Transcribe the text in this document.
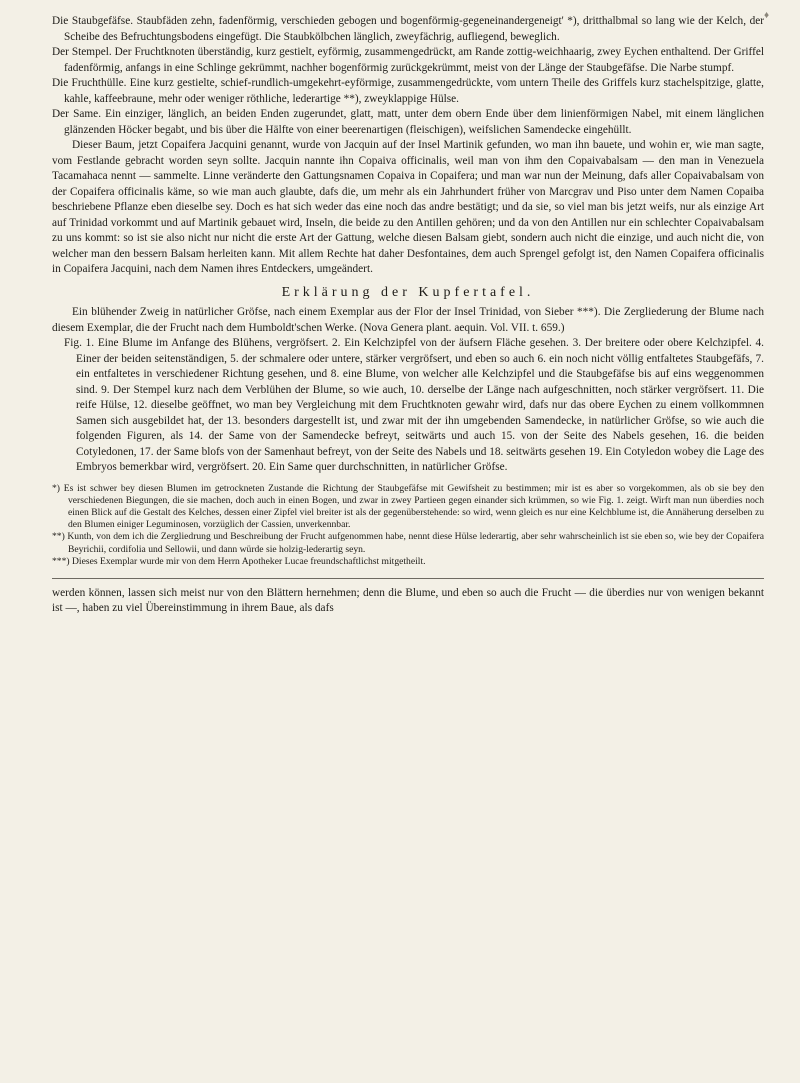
♦

Die Staubgefäfse. Staubfäden zehn, fadenförmig, verschieden gebogen und bogenförmig-gegeneinandergeneigt' *), dritthalbmal so lang wie der Kelch, der Scheibe des Befruchtungsbodens eingefügt. Die Staubkölbchen länglich, zweyfächrig, aufliegend, beweglich.

Der Stempel. Der Fruchtknoten überständig, kurz gestielt, eyförmig, zusammengedrückt, am Rande zottig-weichhaarig, zwey Eychen enthaltend. Der Griffel fadenförmig, anfangs in eine Schlinge gekrümmt, nachher bogenförmig zurückgekrümmt, meist von der Länge der Staubgefäfse. Die Narbe stumpf.

Die Fruchthülle. Eine kurz gestielte, schief-rundlich-umgekehrt-eyförmige, zusammengedrückte, vom untern Theile des Griffels kurz stachelspitzige, glatte, kahle, kaffeebraune, mehr oder weniger röthliche, lederartige **), zweyklappige Hülse.

Der Same. Ein einziger, länglich, an beiden Enden zugerundet, glatt, matt, unter dem obern Ende über dem linienförmigen Nabel, mit einem länglichen glänzenden Höcker begabt, und bis über die Hälfte von einer beerenartigen (fleischigen), weifslichen Samendecke eingehüllt.

Dieser Baum, jetzt Copaifera Jacquini genannt, wurde von Jacquin auf der Insel Martinik gefunden, wo man ihn bauete, und wohin er, wie man sagte, vom Festlande gebracht worden seyn sollte. Jacquin nannte ihn Copaiva officinalis, weil man von ihm den Copaivabalsam — den man in Venezuela Tacamahaca nennt — sammelte. Linne veränderte den Gattungsnamen Copaiva in Copaifera; und man war nun der Meinung, dafs aller Copaivabalsam von der Copaifera officinalis käme, so wie man auch glaubte, dafs die, um mehr als ein Jahrhundert früher von Marcgrav und Piso unter dem Namen Copaiba beschriebene Pflanze eben dieselbe sey. Doch es hat sich weder das eine noch das andre bestätigt; und da sie, so viel man bis jetzt weifs, nur als einzige Art auf Trinidad vorkommt und auf Martinik gebauet wird, Inseln, die beide zu den Antillen gehören; und da von den Antillen nur ein schlechter Copaivabalsam zu uns kommt: so ist sie also nicht nur nicht die erste Art der Gattung, welche diesen Balsam giebt, sondern auch nicht die einzige, und auch nicht die, von welcher man den bessern Balsam herleiten kann. Mit allem Rechte hat daher Desfontaines, dem auch Sprengel gefolgt ist, den Namen Copaifera officinalis in Copaifera Jacquini, nach dem Namen ihres Entdeckers, umgeändert.

Erklärung der Kupfertafel.

Ein blühender Zweig in natürlicher Gröfse, nach einem Exemplar aus der Flor der Insel Trinidad, von Sieber ***). Die Zergliederung der Blume nach diesem Exemplar, die der Frucht nach dem Humboldt'schen Werke. (Nova Genera plant. aequin. Vol. VII. t. 659.)

Fig. 1. Eine Blume im Anfange des Blühens, vergröfsert. 2. Ein Kelchzipfel von der äufsern Fläche gesehen. 3. Der breitere oder obere Kelchzipfel. 4. Einer der beiden seitenständigen, 5. der schmalere oder untere, stärker vergröfsert, und eben so auch 6. ein noch nicht völlig entfaltetes Staubgefäfs, 7. ein entfaltetes in verschiedener Richtung gesehen, und 8. eine Blume, von welcher alle Kelchzipfel und die Staubgefäfse bis auf eins weggenommen sind. 9. Der Stempel kurz nach dem Verblühen der Blume, so wie auch, 10. derselbe der Länge nach aufgeschnitten, noch stärker vergröfsert. 11. Die reife Hülse, 12. dieselbe geöffnet, wo man bey Vergleichung mit dem Fruchtknoten gewahr wird, dafs nur das obere Eychen zu einem vollkommnen Samen sich ausgebildet hat, der 13. besonders dargestellt ist, und zwar mit der ihn umgebenden Samendecke, in natürlicher Gröfse, so wie auch die folgenden Figuren, als 14. der Same von der Samendecke befreyt, seitwärts und auch 15. von der Seite des Nabels gesehen, 16. die beiden Cotyledonen, 17. der Same blofs von der Samenhaut befreyt, von der Seite des Nabels und 18. seitwärts gesehen 19. Ein Cotyledon wobey die Lage des Embryos bemerkbar wird, vergröfsert. 20. Ein Same quer durchschnitten, in natürlicher Gröfse.

*) Es ist schwer bey diesen Blumen im getrockneten Zustande die Richtung der Staubgefäfse mit Gewifsheit zu bestimmen; mir ist es aber so vorgekommen, als ob sie bey den verschiedenen Biegungen, die sie machen, doch auch in einen Bogen, und zwar in zwey Partieen gegen einander sich krümmen, so wie Fig. 1. zeigt. Wirft man nun überdies noch einen Blick auf die Gestalt des Kelches, dessen einer Zipfel viel breiter ist als der gegenüberstehende: so wird, wenn gleich es nur eine Kelchblume ist, die Annäherung derselben zu den Blumen einiger Leguminosen, vorzüglich der Cassien, unverkennbar.

**) Kunth, von dem ich die Zergliedrung und Beschreibung der Frucht aufgenommen habe, nennt diese Hülse lederartig, aber sehr wahrscheinlich ist sie eben so, wie bey der Copaifera Beyrichii, cordifolia und Sellowii, und dann würde sie holzig-lederartig seyn.

***) Dieses Exemplar wurde mir von dem Herrn Apotheker Lucae freundschaftlichst mitgetheilt.

werden können, lassen sich meist nur von den Blättern hernehmen; denn die Blume, und eben so auch die Frucht — die überdies nur von wenigen bekannt ist —, haben zu viel Übereinstimmung in ihrem Baue, als dafs
